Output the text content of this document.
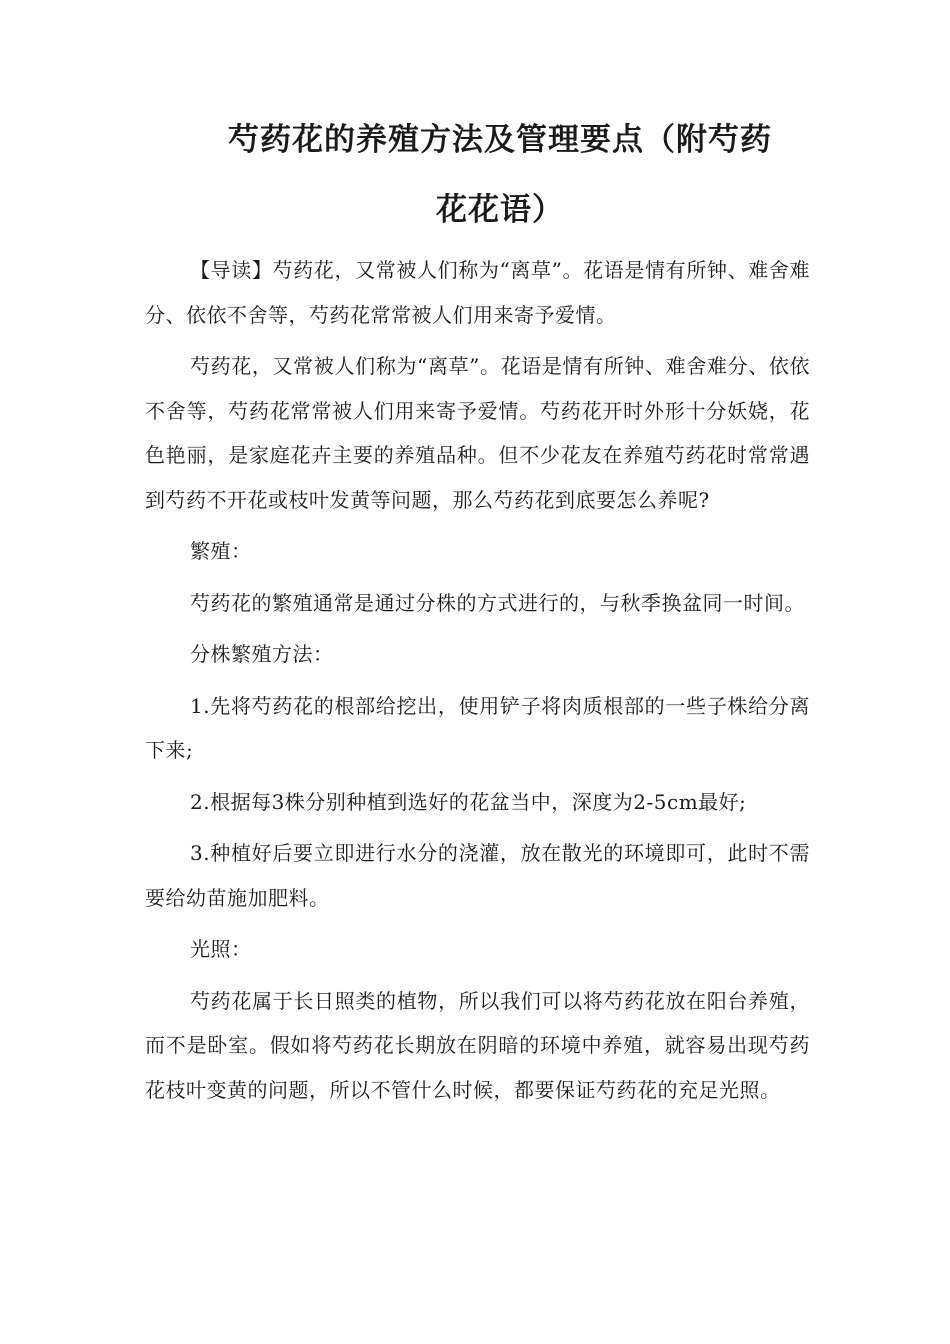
芍药花的养殖方法及管理要点（附芍药
花花语）

【导读】芍药花，又常被人们称为“离草”。花语是情有所钟、难舍难分、依依不舍等，芍药花常常被人们用来寄予爱情。

芍药花，又常被人们称为“离草”。花语是情有所钟、难舍难分、依依不舍等，芍药花常常被人们用来寄予爱情。芍药花开时外形十分妖娆，花色艳丽，是家庭花卉主要的养殖品种。但不少花友在养殖芍药花时常常遇到芍药不开花或枝叶发黄等问题，那么芍药花到底要怎么养呢?

繁殖：

芍药花的繁殖通常是通过分株的方式进行的，与秋季换盆同一时间。

分株繁殖方法：

1.先将芍药花的根部给挖出，使用铲子将肉质根部的一些子株给分离下来;

2.根据每3株分别种植到选好的花盆当中，深度为2-5cm最好;

3.种植好后要立即进行水分的浇灌，放在散光的环境即可，此时不需要给幼苗施加肥料。

光照：

芍药花属于长日照类的植物，所以我们可以将芍药花放在阳台养殖，而不是卧室。假如将芍药花长期放在阴暗的环境中养殖，就容易出现芍药花枝叶变黄的问题，所以不管什么时候，都要保证芍药花的充足光照。
